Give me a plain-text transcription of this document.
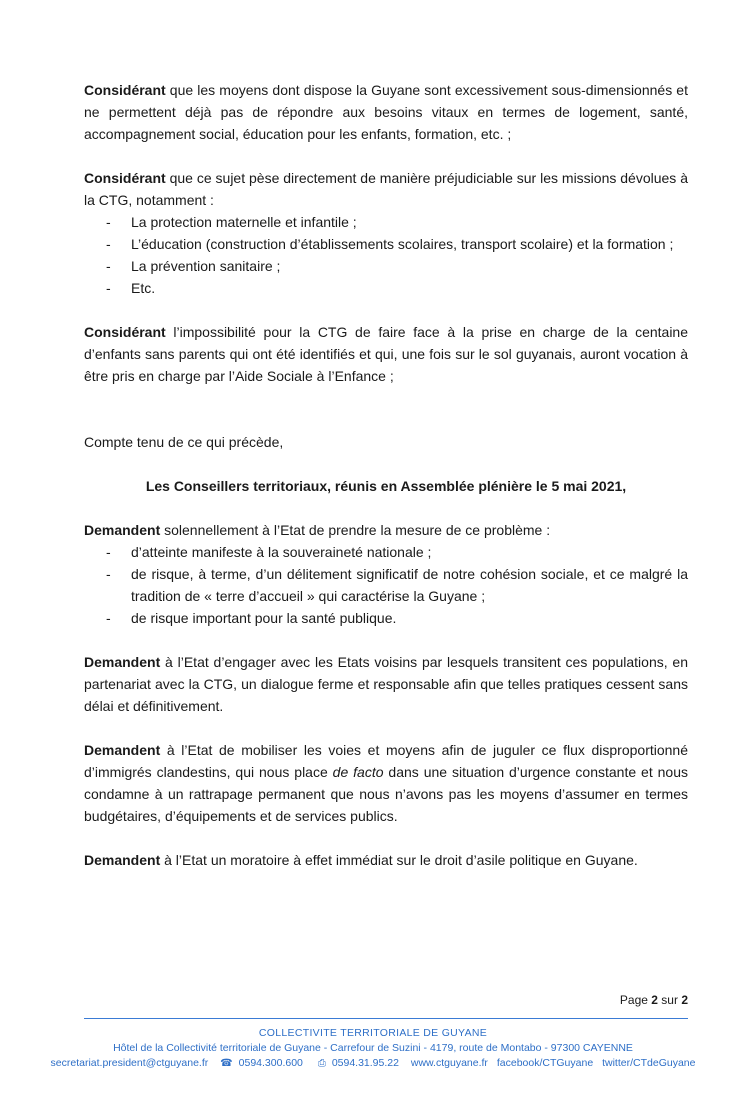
Considérant que les moyens dont dispose la Guyane sont excessivement sous-dimensionnés et ne permettent déjà pas de répondre aux besoins vitaux en termes de logement, santé, accompagnement social, éducation pour les enfants, formation, etc. ;

Considérant que ce sujet pèse directement de manière préjudiciable sur les missions dévolues à la CTG, notamment :

- La protection maternelle et infantile ;
- L’éducation (construction d’établissements scolaires, transport scolaire) et la formation ;
- La prévention sanitaire ;
- Etc.

Considérant l’impossibilité pour la CTG de faire face à la prise en charge de la centaine d’enfants sans parents qui ont été identifiés et qui, une fois sur le sol guyanais, auront vocation à être pris en charge par l’Aide Sociale à l’Enfance ;

Compte tenu de ce qui précède,

Les Conseillers territoriaux, réunis en Assemblée plénière le 5 mai 2021,

Demandent solennellement à l’Etat de prendre la mesure de ce problème :

- d’atteinte manifeste à la souveraineté nationale ;
- de risque, à terme, d’un délitement significatif de notre cohésion sociale, et ce malgré la tradition de « terre d’accueil » qui caractérise la Guyane ;
- de risque important pour la santé publique.

Demandent à l’Etat d’engager avec les Etats voisins par lesquels transitent ces populations, en partenariat avec la CTG, un dialogue ferme et responsable afin que telles pratiques cessent sans délai et définitivement.

Demandent à l’Etat de mobiliser les voies et moyens afin de juguler ce flux disproportionné d’immigrés clandestins, qui nous place de facto dans une situation d’urgence constante et nous condamne à un rattrapage permanent que nous n’avons pas les moyens d’assumer en termes budgétaires, d’équipements et de services publics.

Demandent à l’Etat un moratoire à effet immédiat sur le droit d’asile politique en Guyane.

Page 2 sur 2
COLLECTIVITE TERRITORIALE DE GUYANE
Hôtel de la Collectivité territoriale de Guyane - Carrefour de Suzini - 4179, route de Montabo - 97300 CAYENNE
secretariat.president@ctguyane.fr ☎ 0594.300.600 ⎙ 0594.31.95.22 www.ctguyane.fr facebook/CTGuyane twitter/CTdeGuyane
